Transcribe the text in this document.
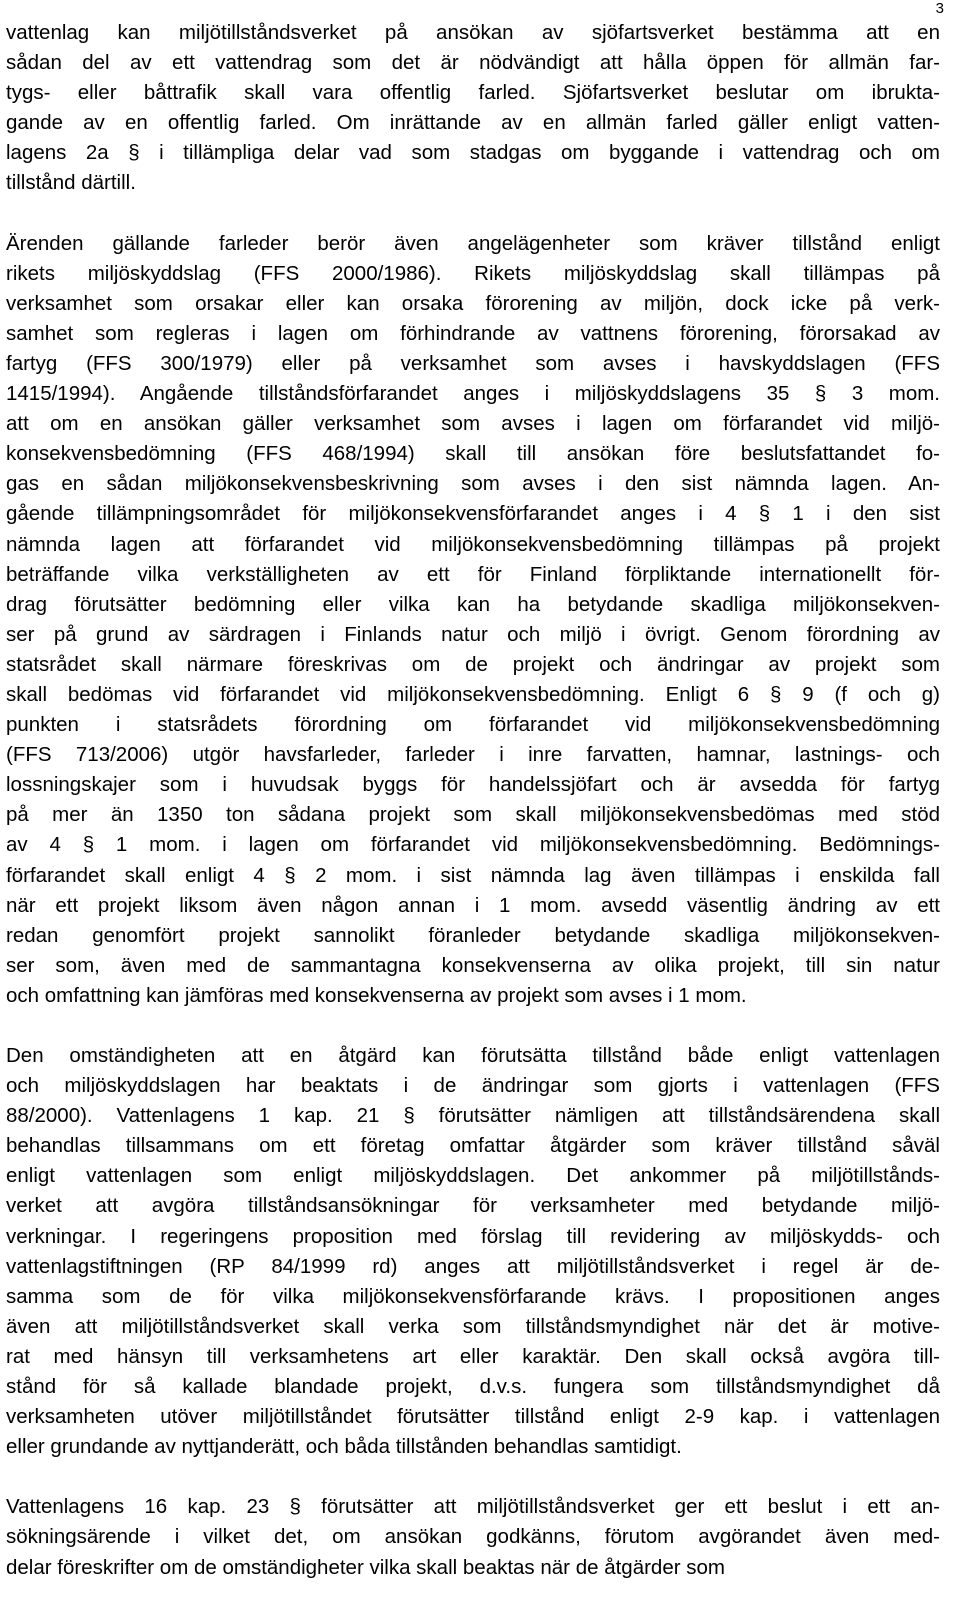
3
vattenlag kan miljötillståndsverket på ansökan av sjöfartsverket bestämma att en
sådan del av ett vattendrag som det är nödvändigt att hålla öppen för allmän far-
tygs- eller båttrafik skall vara offentlig farled. Sjöfartsverket beslutar om ibrukta-
gande av en offentlig farled. Om inrättande av en allmän farled gäller enligt vatten-
lagens 2a § i tillämpliga delar vad som stadgas om byggande i vattendrag och om
tillstånd därtill.
Ärenden gällande farleder berör även angelägenheter som kräver tillstånd enligt
rikets miljöskyddslag (FFS 2000/1986). Rikets miljöskyddslag skall tillämpas på
verksamhet som orsakar eller kan orsaka förorening av miljön, dock icke på verk-
samhet som regleras i lagen om förhindrande av vattnens förorening, förorsakad av
fartyg (FFS 300/1979) eller på verksamhet som avses i havskyddslagen (FFS
1415/1994). Angående tillståndsförfarandet anges i miljöskyddslagens 35 § 3 mom.
att om en ansökan gäller verksamhet som avses i lagen om förfarandet vid miljö-
konsekvensbedömning (FFS 468/1994) skall till ansökan före beslutsfattandet fo-
gas en sådan miljökonsekvensbeskrivning som avses i den sist nämnda lagen. An-
gående tillämpningsområdet för miljökonsekvensförfarandet anges i 4 § 1 i den sist
nämnda lagen att förfarandet vid miljökonsekvensbedömning tillämpas på projekt
beträffande vilka verkställigheten av ett för Finland förpliktande internationellt för-
drag förutsätter bedömning eller vilka kan ha betydande skadliga miljökonsekven-
ser på grund av särdragen i Finlands natur och miljö i övrigt. Genom förordning av
statsrådet skall närmare föreskrivas om de projekt och ändringar av projekt som
skall bedömas vid förfarandet vid miljökonsekvensbedömning. Enligt 6 § 9 (f och g)
punkten i statsrådets förordning om förfarandet vid miljökonsekvensbedömning
(FFS 713/2006) utgör havsfarleder, farleder i inre farvatten, hamnar, lastnings- och
lossningskajer som i huvudsak byggs för handelssjöfart och är avsedda för fartyg
på mer än 1350 ton sådana projekt som skall miljökonsekvensbedömas med stöd
av 4 § 1 mom. i lagen om förfarandet vid miljökonsekvensbedömning. Bedömnings-
förfarandet skall enligt 4 § 2 mom. i sist nämnda lag även tillämpas i enskilda fall
när ett projekt liksom även någon annan i 1 mom. avsedd väsentlig ändring av ett
redan genomfört projekt sannolikt föranleder betydande skadliga miljökonsekven-
ser som, även med de sammantagna konsekvenserna av olika projekt, till sin natur
och omfattning kan jämföras med konsekvenserna av projekt som avses i 1 mom.
Den omständigheten att en åtgärd kan förutsätta tillstånd både enligt vattenlagen
och miljöskyddslagen har beaktats i de ändringar som gjorts i vattenlagen (FFS
88/2000). Vattenlagens 1 kap. 21 § förutsätter nämligen att tillståndsärendena skall
behandlas tillsammans om ett företag omfattar åtgärder som kräver tillstånd såväl
enligt vattenlagen som enligt miljöskyddslagen. Det ankommer på miljötillstånds-
verket att avgöra tillståndsansökningar för verksamheter med betydande miljö-
verkningar. I regeringens proposition med förslag till revidering av miljöskydds- och
vattenlagstiftningen (RP 84/1999 rd) anges att miljötillståndsverket i regel är de-
samma som de för vilka miljökonsekvensförfarande krävs. I propositionen anges
även att miljötillståndsverket skall verka som tillståndsmyndighet när det är motive-
rat med hänsyn till verksamhetens art eller karaktär. Den skall också avgöra till-
stånd för så kallade blandade projekt, d.v.s. fungera som tillståndsmyndighet då
verksamheten utöver miljötillståndet förutsätter tillstånd enligt 2-9 kap. i vattenlagen
eller grundande av nyttjanderätt, och båda tillstånden behandlas samtidigt.
Vattenlagens 16 kap. 23 § förutsätter att miljötillståndsverket ger ett beslut i ett an-
sökningsärende i vilket det, om ansökan godkänns, förutom avgörandet även med-
delar föreskrifter om de omständigheter vilka skall beaktas när de åtgärder som
